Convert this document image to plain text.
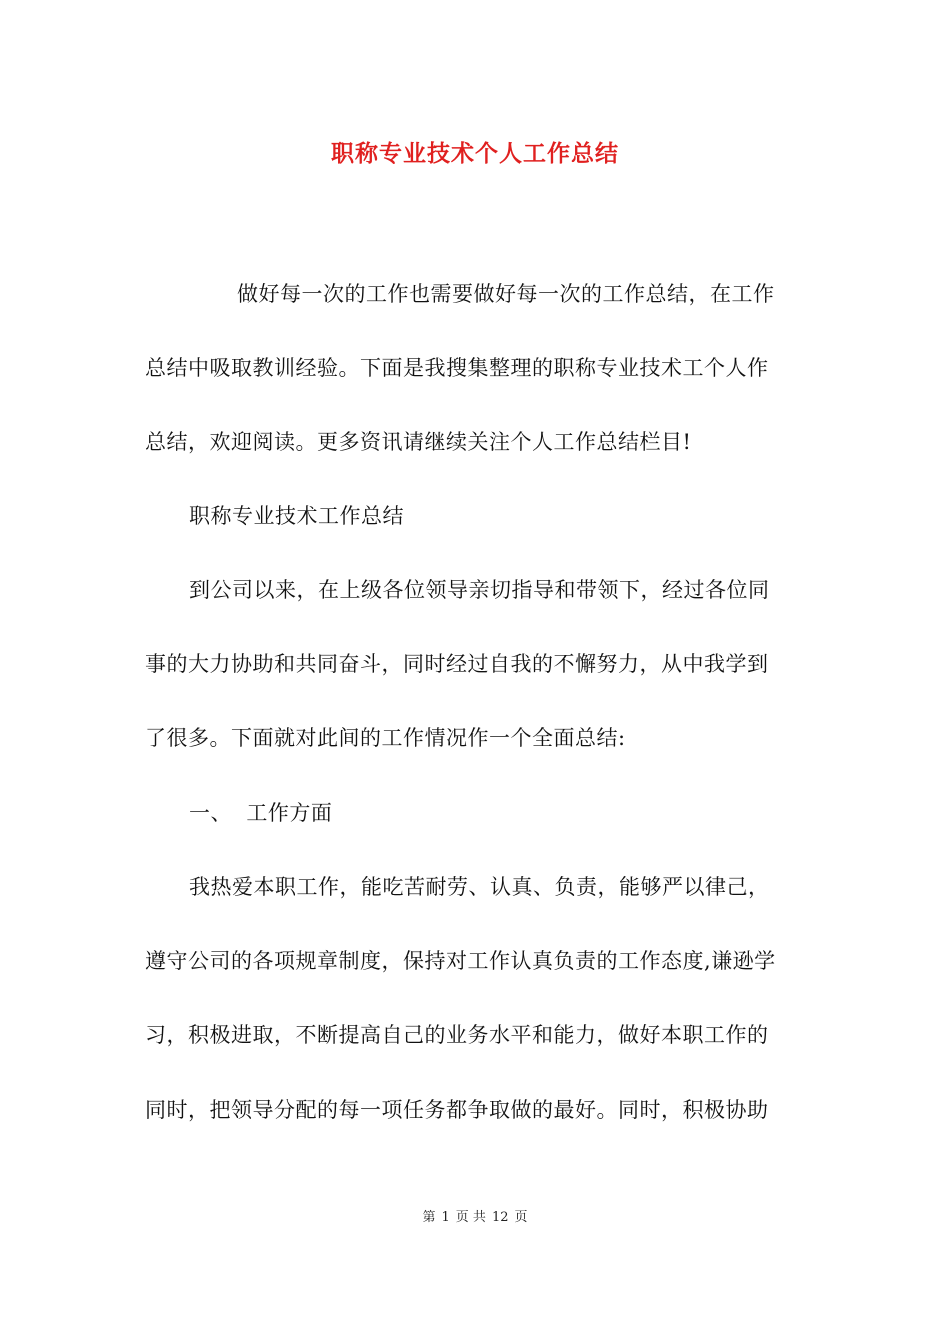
职称专业技术个人工作总结
做好每一次的工作也需要做好每一次的工作总结，在工作
总结中吸取教训经验。下面是我搜集整理的职称专业技术工个人作
总结，欢迎阅读。更多资讯请继续关注个人工作总结栏目!
职称专业技术工作总结
到公司以来，在上级各位领导亲切指导和带领下，经过各位同
事的大力协助和共同奋斗，同时经过自我的不懈努力，从中我学到
了很多。下面就对此间的工作情况作一个全面总结:
一、  工作方面
我热爱本职工作，能吃苦耐劳、认真、负责，能够严以律己，
遵守公司的各项规章制度，保持对工作认真负责的工作态度,谦逊学
习，积极进取，不断提高自己的业务水平和能力，做好本职工作的
同时，把领导分配的每一项任务都争取做的最好。同时，积极协助
第 1 页 共 12 页
